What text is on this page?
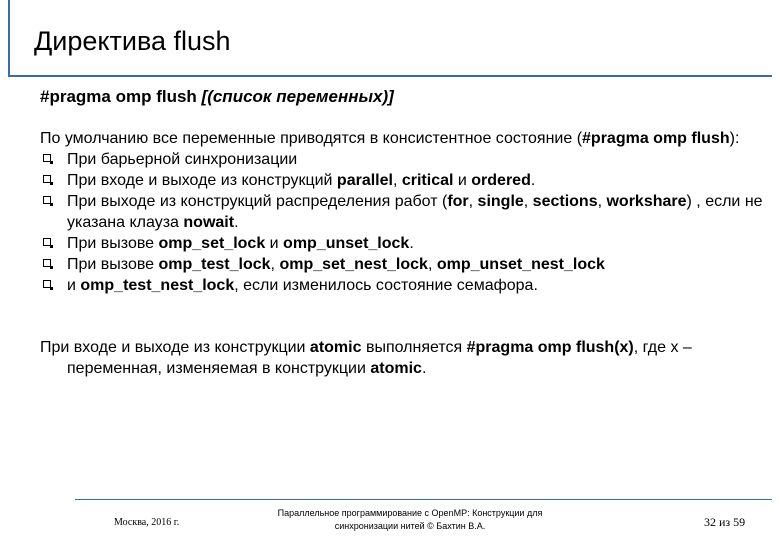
Директива flush
#pragma omp flush [(список переменных)]

По умолчанию все переменные приводятся в консистентное состояние (#pragma omp flush):

При барьерной синхронизации
При входе и выходе из конструкций parallel, critical и ordered.
При выходе из конструкций распределения работ (for, single, sections, workshare) , если не указана клауза nowait.
При вызове omp_set_lock и omp_unset_lock.
При вызове omp_test_lock, omp_set_nest_lock, omp_unset_nest_lock
и omp_test_nest_lock, если изменилось состояние семафора.

При входе и выходе из конструкции atomic выполняется #pragma omp flush(x), где x – переменная, изменяемая в конструкции atomic.

Москва, 2016 г.
Параллельное программирование с OpenMP: Конструкции для
синхронизации нитей © Бахтин В.А.	32 из 59
